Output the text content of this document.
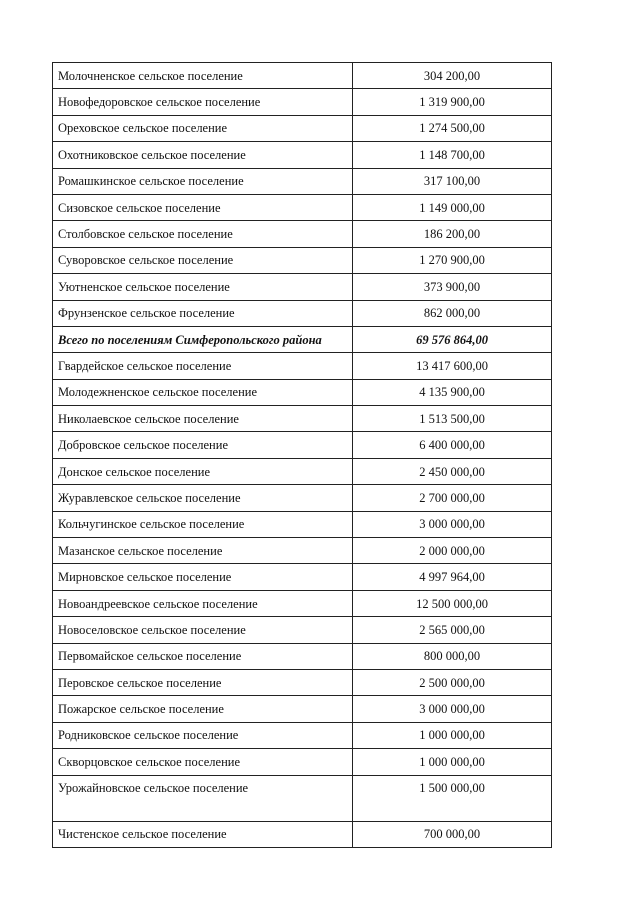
Молочненское сельское поселение	304 200,00
Новофедоровское сельское поселение	1 319 900,00
Ореховское сельское поселение	1 274 500,00
Охотниковское сельское поселение	1 148 700,00
Ромашкинское сельское поселение	317 100,00
Сизовское сельское поселение	1 149 000,00
Столбовское сельское поселение	186 200,00
Суворовское сельское поселение	1 270 900,00
Уютненское сельское поселение	373 900,00
Фрунзенское сельское поселение	862 000,00
Всего по поселениям Симферопольского района	69 576 864,00
Гвардейское сельское поселение	13 417 600,00
Молодежненское сельское поселение	4 135 900,00
Николаевское сельское поселение	1 513 500,00
Добровское сельское поселение	6 400 000,00
Донское сельское поселение	2 450 000,00
Журавлевское сельское поселение	2 700 000,00
Кольчугинское сельское поселение	3 000 000,00
Мазанское сельское поселение	2 000 000,00
Мирновское сельское поселение	4 997 964,00
Новоандреевское сельское поселение	12 500 000,00
Новоселовское сельское поселение	2 565 000,00
Первомайское сельское поселение	800 000,00
Перовское сельское поселение	2 500 000,00
Пожарское сельское поселение	3 000 000,00
Родниковское сельское поселение	1 000 000,00
Скворцовское сельское поселение	1 000 000,00
Урожайновское сельское поселение	1 500 000,00
Чистенское сельское поселение	700 000,00
